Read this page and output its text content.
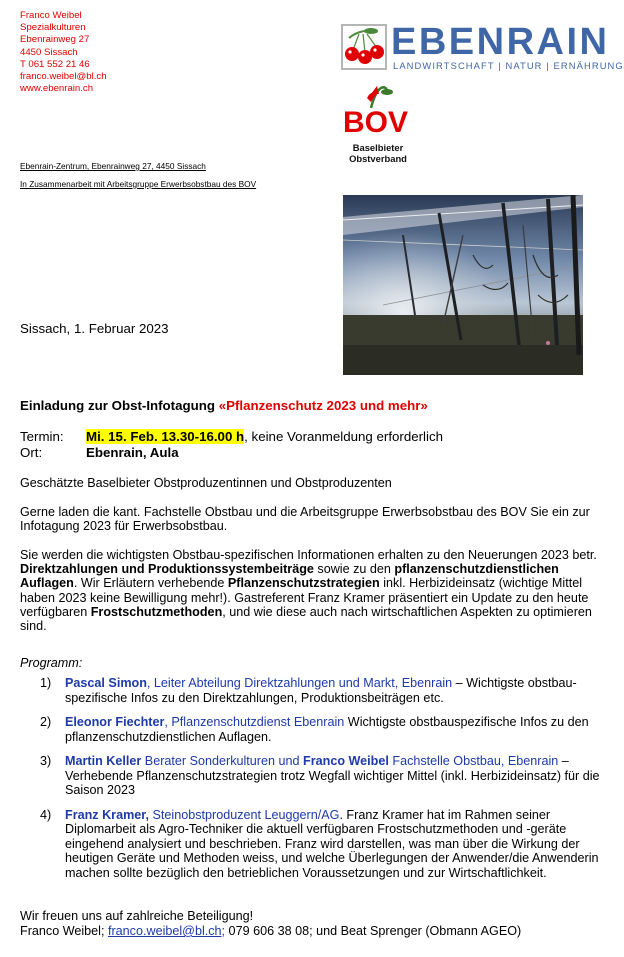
Franco Weibel
Spezialkulturen
Ebenrainweg 27
4450 Sissach
T 061 552 21 46
franco.weibel@bl.ch
www.ebenrain.ch
EBENRAIN
LANDWIRTSCHAFT | NATUR | ERNÄHRUNG
BOV
Baselbieter
Obstverband
Ebenrain-Zentrum, Ebenrainweg 27, 4450 Sissach
In Zusammenarbeit mit Arbeitsgruppe Erwerbsobstbau des BOV
Sissach, 1. Februar 2023
Einladung zur Obst-Infotagung «Pflanzenschutz 2023 und mehr»
Termin: Mi. 15. Feb. 13.30-16.00 h, keine Voranmeldung erforderlich
Ort:	Ebenrain, Aula
Geschätzte Baselbieter Obstproduzentinnen und Obstproduzenten
Gerne laden die kant. Fachstelle Obstbau und die Arbeitsgruppe Erwerbsobstbau des BOV Sie ein zur Infotagung 2023 für Erwerbsobstbau.
Sie werden die wichtigsten Obstbau-spezifischen Informationen erhalten zu den Neuerungen 2023 betr. Direktzahlungen und Produktionssystembeiträge sowie zu den pflanzenschutzdienstlichen Auflagen. Wir Erläutern verhebende Pflanzenschutzstrategien inkl. Herbizideinsatz (wichtige Mittel haben 2023 keine Bewilligung mehr!). Gastreferent Franz Kramer präsentiert ein Update zu den heute verfügbaren Frostschutzmethoden, und wie diese auch nach wirtschaftlichen Aspekten zu optimieren sind.
Programm:
1)	Pascal Simon, Leiter Abteilung Direktzahlungen und Markt, Ebenrain – Wichtigste obstbau-spezifische Infos zu den Direktzahlungen, Produktionsbeiträgen etc.
2)	Eleonor Fiechter, Pflanzenschutzdienst Ebenrain Wichtigste obstbauspezifische Infos zu den pflanzenschutzdienstlichen Auflagen.
3)	Martin Keller Berater Sonderkulturen und Franco Weibel Fachstelle Obstbau, Ebenrain – Verhebende Pflanzenschutzstrategien trotz Wegfall wichtiger Mittel (inkl. Herbizideinsatz) für die Saison 2023
4)	Franz Kramer, Steinobstproduzent Leuggern/AG. Franz Kramer hat im Rahmen seiner Diplomarbeit als Agro-Techniker die aktuell verfügbaren Frostschutzmethoden und -geräte eingehend analysiert und beschrieben. Franz wird darstellen, was man über die Wirkung der heutigen Geräte und Methoden weiss, und welche Überlegungen der Anwender/die Anwenderin machen sollte bezüglich den betrieblichen Voraussetzungen und zur Wirtschaftlichkeit.
Wir freuen uns auf zahlreiche Beteiligung!
Franco Weibel; franco.weibel@bl.ch; 079 606 38 08; und Beat Sprenger (Obmann AGEO)
